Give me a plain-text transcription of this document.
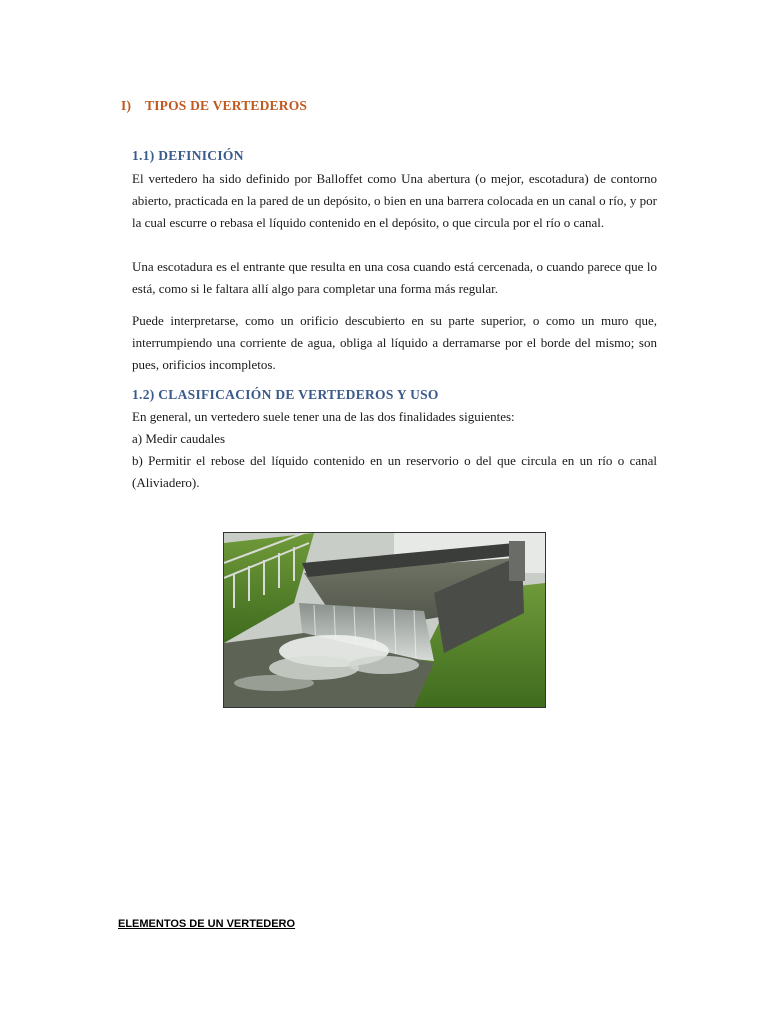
I) TIPOS DE VERTEDEROS
1.1) DEFINICIÓN

El vertedero ha sido definido por Balloffet como Una abertura (o mejor, escotadura) de contorno abierto, practicada en la pared de un depósito, o bien en una barrera colocada en un canal o río, y por la cual escurre o rebasa el líquido contenido en el depósito, o que circula por el río o canal.

Una escotadura es el entrante que resulta en una cosa cuando está cercenada, o cuando parece que lo está, como si le faltara allí algo para completar una forma más regular.

Puede interpretarse, como un orificio descubierto en su parte superior, o como un muro que, interrumpiendo una corriente de agua, obliga al líquido a derramarse por el borde del mismo; son pues, orificios incompletos.

1.2) CLASIFICACIÓN DE VERTEDEROS Y USO
En general, un vertedero suele tener una de las dos finalidades siguientes:
a) Medir caudales

b) Permitir el rebose del líquido contenido en un reservorio o del que circula en un río o canal (Aliviadero).

ELEMENTOS DE UN VERTEDERO
